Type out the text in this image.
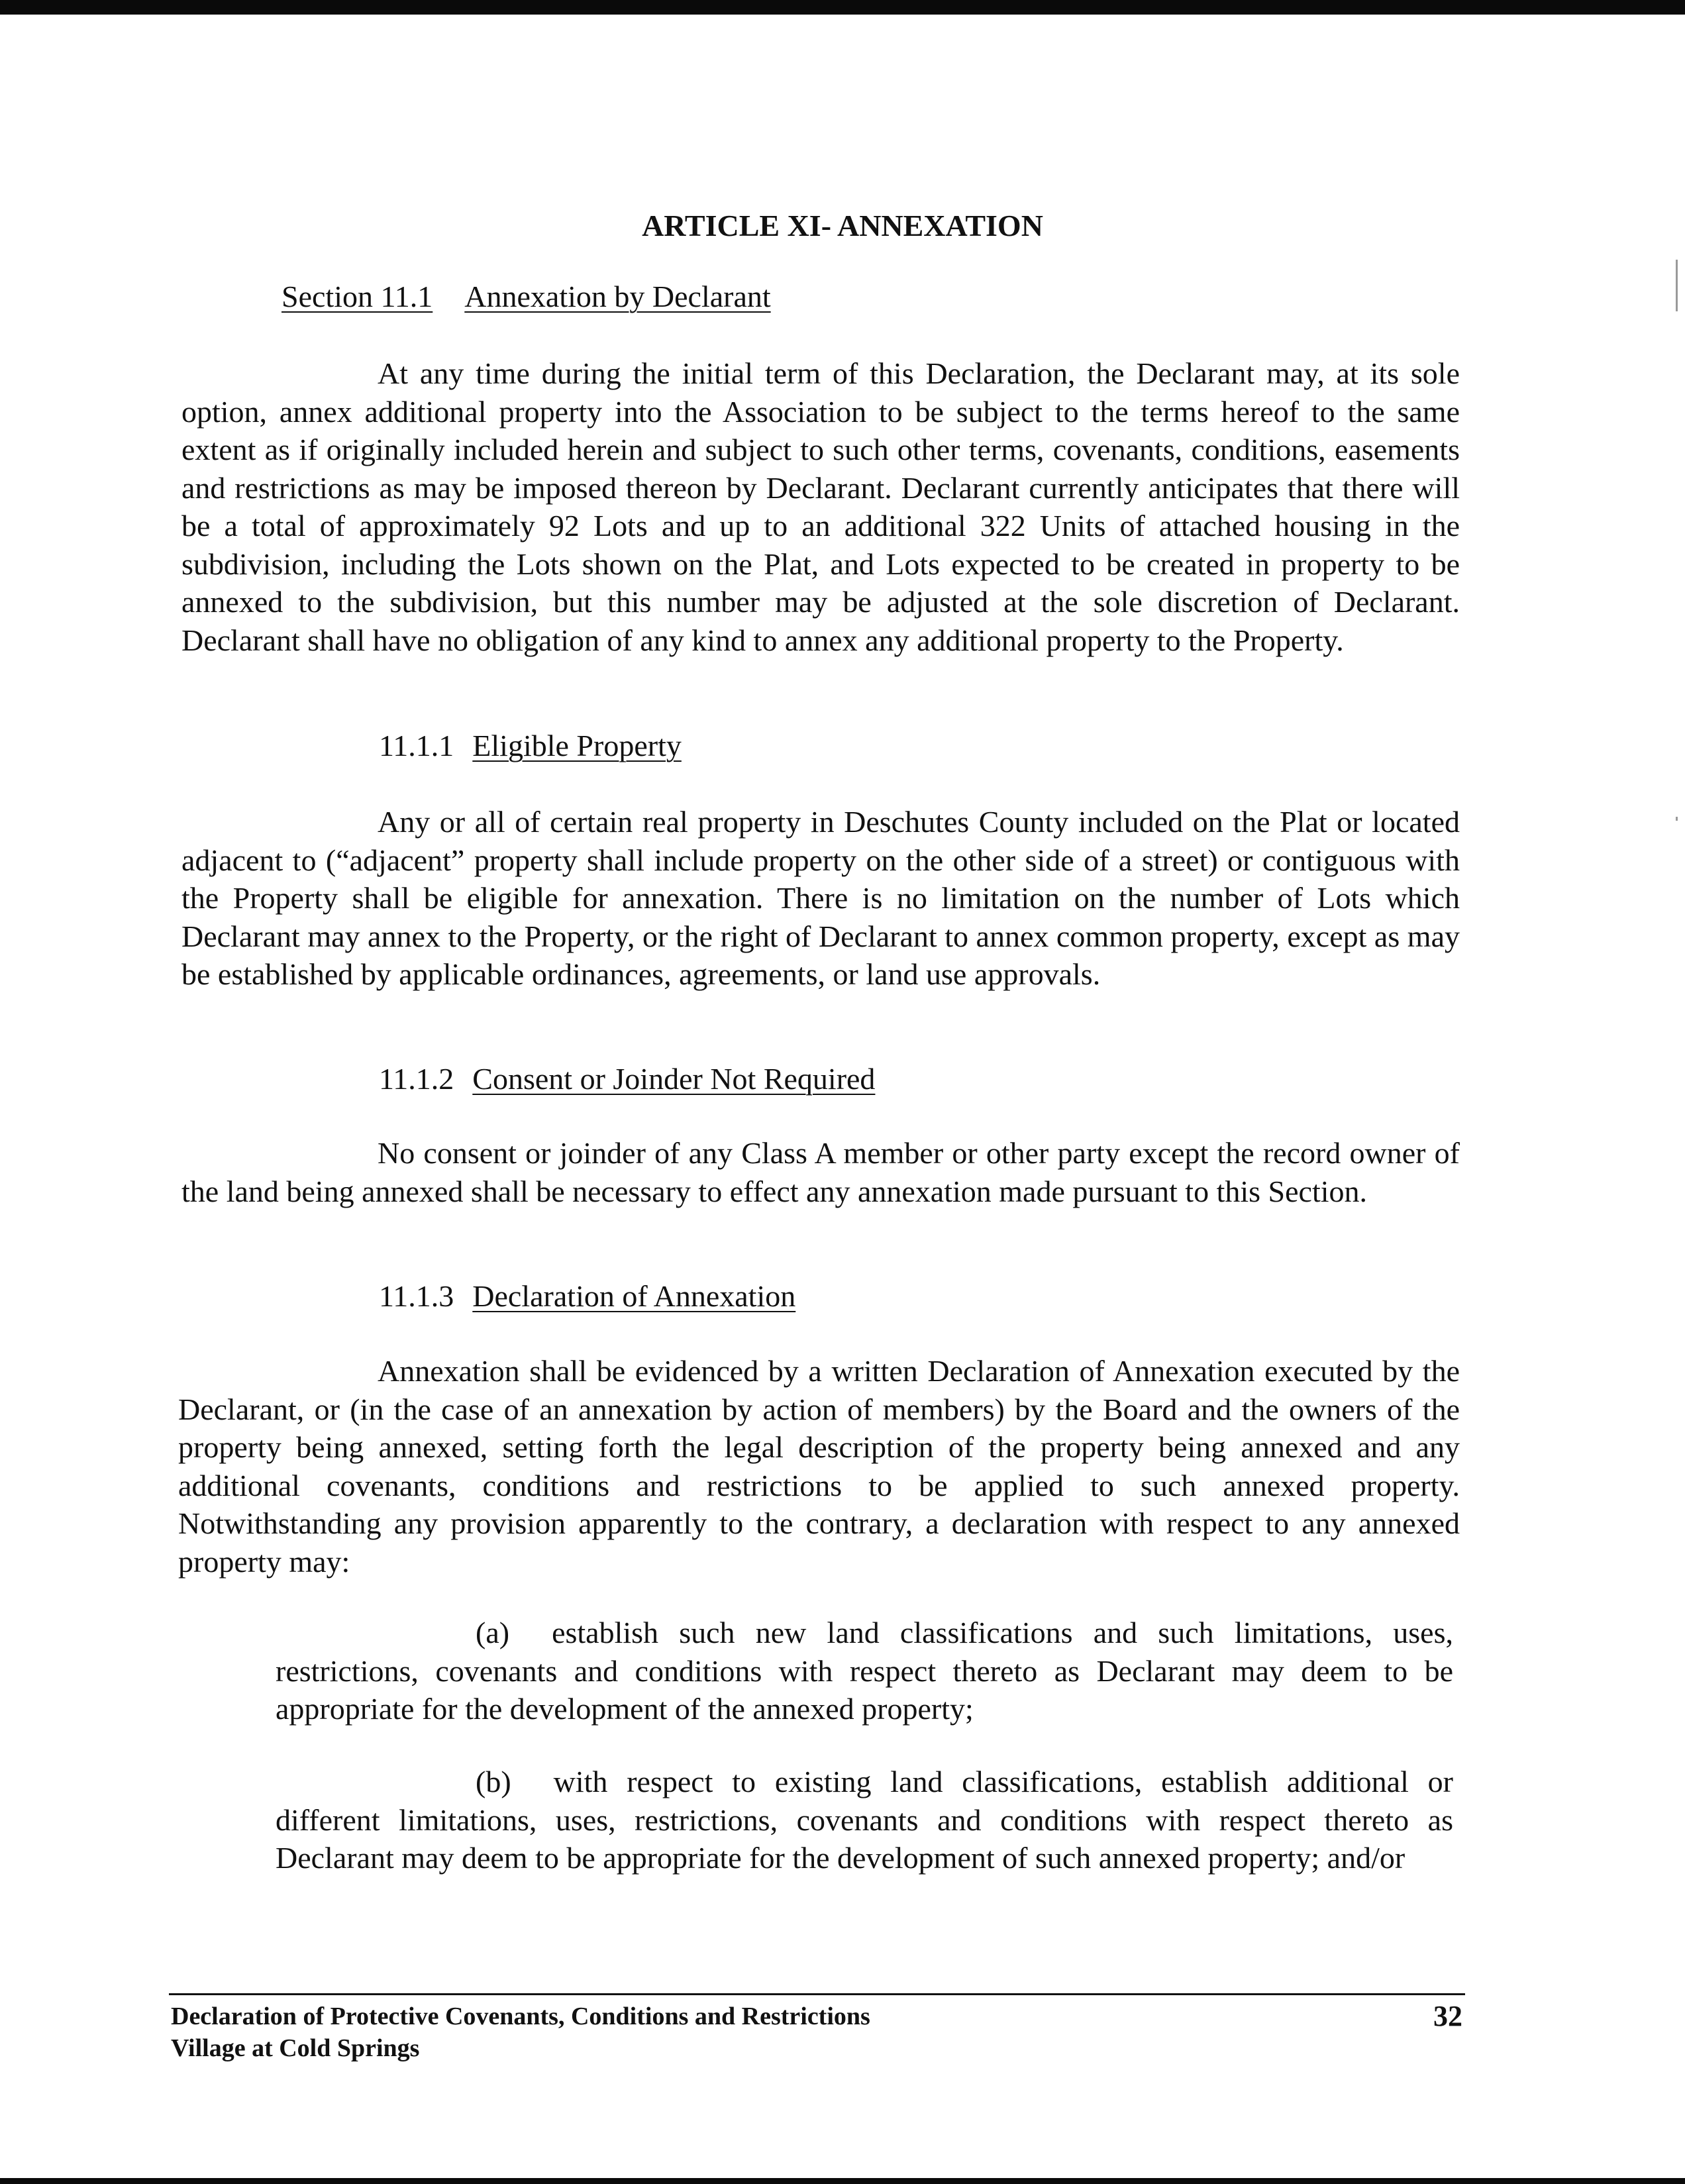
ARTICLE XI- ANNEXATION
Section 11.1 Annexation by Declarant
At any time during the initial term of this Declaration, the Declarant may, at its sole option, annex additional property into the Association to be subject to the terms hereof to the same extent as if originally included herein and subject to such other terms, covenants, conditions, easements and restrictions as may be imposed thereon by Declarant. Declarant currently anticipates that there will be a total of approximately 92 Lots and up to an additional 322 Units of attached housing in the subdivision, including the Lots shown on the Plat, and Lots expected to be created in property to be annexed to the subdivision, but this number may be adjusted at the sole discretion of Declarant. Declarant shall have no obligation of any kind to annex any additional property to the Property.
11.1.1 Eligible Property
Any or all of certain real property in Deschutes County included on the Plat or located adjacent to (“adjacent” property shall include property on the other side of a street) or contiguous with the Property shall be eligible for annexation. There is no limitation on the number of Lots which Declarant may annex to the Property, or the right of Declarant to annex common property, except as may be established by applicable ordinances, agreements, or land use approvals.
11.1.2 Consent or Joinder Not Required
No consent or joinder of any Class A member or other party except the record owner of the land being annexed shall be necessary to effect any annexation made pursuant to this Section.
11.1.3 Declaration of Annexation
Annexation shall be evidenced by a written Declaration of Annexation executed by the Declarant, or (in the case of an annexation by action of members) by the Board and the owners of the property being annexed, setting forth the legal description of the property being annexed and any additional covenants, conditions and restrictions to be applied to such annexed property. Notwithstanding any provision apparently to the contrary, a declaration with respect to any annexed property may:
(a) establish such new land classifications and such limitations, uses, restrictions, covenants and conditions with respect thereto as Declarant may deem to be appropriate for the development of the annexed property;
(b) with respect to existing land classifications, establish additional or different limitations, uses, restrictions, covenants and conditions with respect thereto as Declarant may deem to be appropriate for the development of such annexed property; and/or
Declaration of Protective Covenants, Conditions and Restrictions
Village at Cold Springs
32
